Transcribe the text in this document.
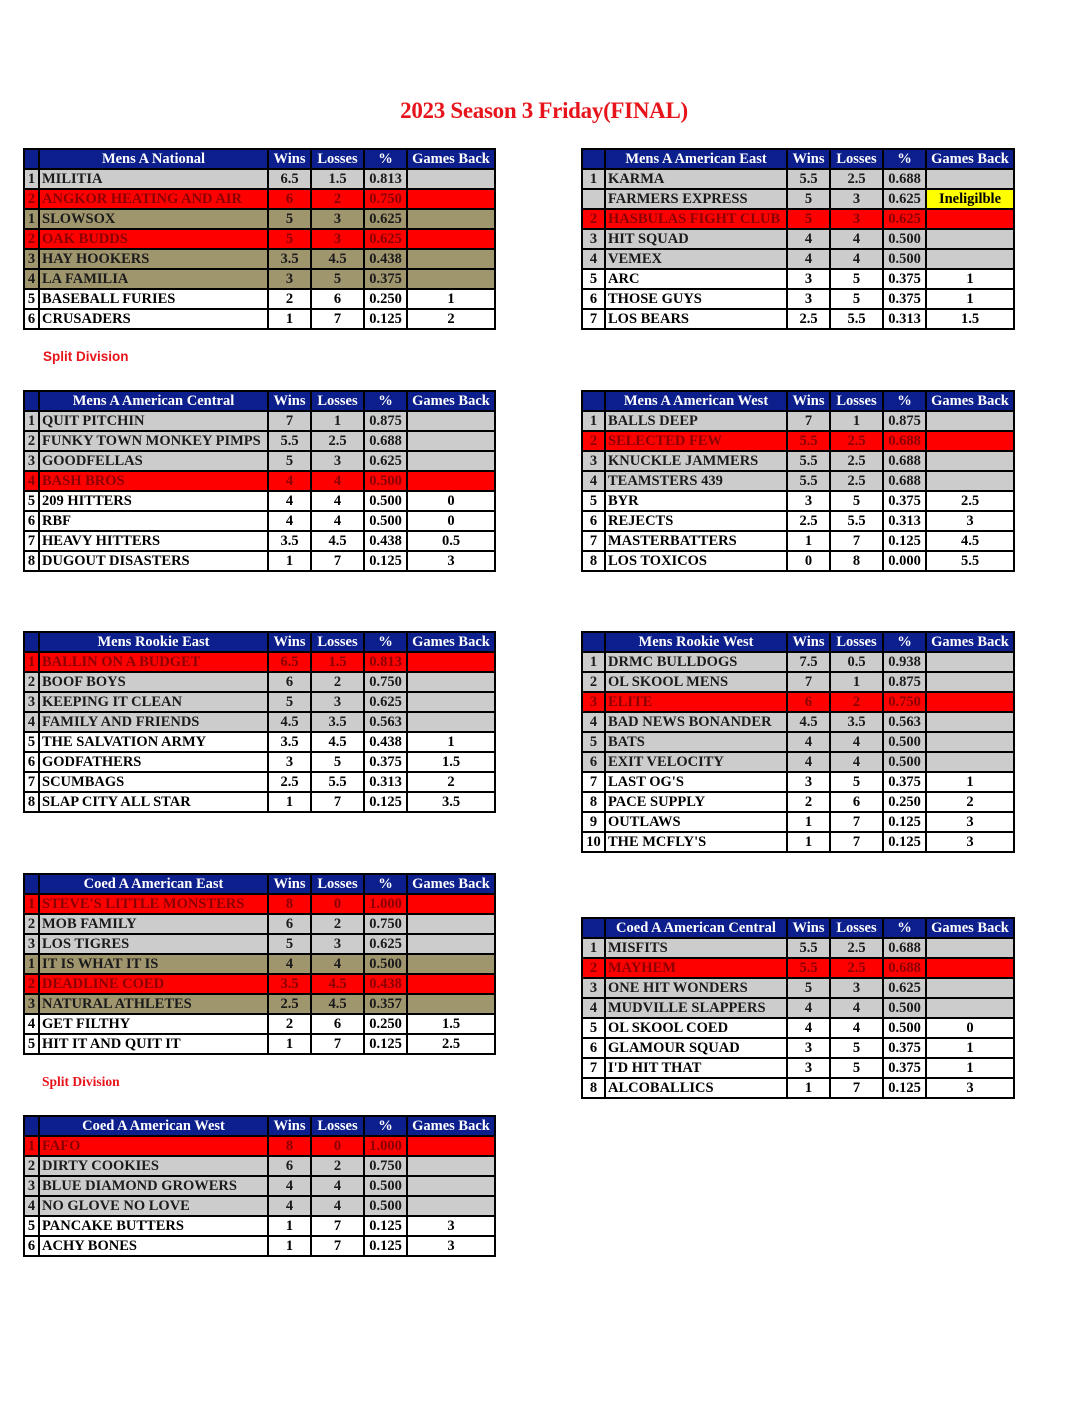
2023 Season 3 Friday(FINAL)
	Mens A National	Wins	Losses	%	Games Back
1	MILITIA	6.5	1.5	0.813	
2	ANGKOR HEATING AND AIR	6	2	0.750	
1	SLOWSOX	5	3	0.625	
2	OAK BUDDS	5	3	0.625	
3	HAY HOOKERS	3.5	4.5	0.438	
4	LA FAMILIA	3	5	0.375	
5	BASEBALL FURIES	2	6	0.250	1
6	CRUSADERS	1	7	0.125	2
Split Division
	Mens A American East	Wins	Losses	%	Games Back
1	KARMA	5.5	2.5	0.688	
	FARMERS EXPRESS	5	3	0.625	Ineligilble
2	HASBULAS FIGHT CLUB	5	3	0.625	
3	HIT SQUAD	4	4	0.500	
4	VEMEX	4	4	0.500	
5	ARC	3	5	0.375	1
6	THOSE GUYS	3	5	0.375	1
7	LOS BEARS	2.5	5.5	0.313	1.5
	Mens A American Central	Wins	Losses	%	Games Back
1	QUIT PITCHIN	7	1	0.875	
2	FUNKY TOWN MONKEY PIMPS	5.5	2.5	0.688	
3	GOODFELLAS	5	3	0.625	
4	BASH BROS	4	4	0.500	
5	209 HITTERS	4	4	0.500	0
6	RBF	4	4	0.500	0
7	HEAVY HITTERS	3.5	4.5	0.438	0.5
8	DUGOUT DISASTERS	1	7	0.125	3
	Mens A American West	Wins	Losses	%	Games Back
1	BALLS DEEP	7	1	0.875	
2	SELECTED FEW	5.5	2.5	0.688	
3	KNUCKLE JAMMERS	5.5	2.5	0.688	
4	TEAMSTERS 439	5.5	2.5	0.688	
5	BYR	3	5	0.375	2.5
6	REJECTS	2.5	5.5	0.313	3
7	MASTERBATTERS	1	7	0.125	4.5
8	LOS TOXICOS	0	8	0.000	5.5
	Mens Rookie East	Wins	Losses	%	Games Back
1	BALLIN ON A BUDGET	6.5	1.5	0.813	
2	BOOF BOYS	6	2	0.750	
3	KEEPING IT CLEAN	5	3	0.625	
4	FAMILY AND FRIENDS	4.5	3.5	0.563	
5	THE SALVATION ARMY	3.5	4.5	0.438	1
6	GODFATHERS	3	5	0.375	1.5
7	SCUMBAGS	2.5	5.5	0.313	2
8	SLAP CITY ALL STAR	1	7	0.125	3.5
	Mens Rookie West	Wins	Losses	%	Games Back
1	DRMC BULLDOGS	7.5	0.5	0.938	
2	OL SKOOL MENS	7	1	0.875	
3	ELITE	6	2	0.750	
4	BAD NEWS BONANDER	4.5	3.5	0.563	
5	BATS	4	4	0.500	
6	EXIT VELOCITY	4	4	0.500	
7	LAST OG'S	3	5	0.375	1
8	PACE SUPPLY	2	6	0.250	2
9	OUTLAWS	1	7	0.125	3
10	THE MCFLY'S	1	7	0.125	3
	Coed A American East	Wins	Losses	%	Games Back
1	STEVE'S LITTLE MONSTERS	8	0	1.000	
2	MOB FAMILY	6	2	0.750	
3	LOS TIGRES	5	3	0.625	
1	IT IS WHAT IT IS	4	4	0.500	
2	DEADLINE COED	3.5	4.5	0.438	
3	NATURAL ATHLETES	2.5	4.5	0.357	
4	GET FILTHY	2	6	0.250	1.5
5	HIT IT AND QUIT IT	1	7	0.125	2.5
Split Division
	Coed A American Central	Wins	Losses	%	Games Back
1	MISFITS	5.5	2.5	0.688	
2	MAYHEM	5.5	2.5	0.688	
3	ONE HIT WONDERS	5	3	0.625	
4	MUDVILLE SLAPPERS	4	4	0.500	
5	OL SKOOL COED	4	4	0.500	0
6	GLAMOUR SQUAD	3	5	0.375	1
7	I'D HIT THAT	3	5	0.375	1
8	ALCOBALLICS	1	7	0.125	3
	Coed A American West	Wins	Losses	%	Games Back
1	FAFO	8	0	1.000	
2	DIRTY COOKIES	6	2	0.750	
3	BLUE DIAMOND GROWERS	4	4	0.500	
4	NO GLOVE NO LOVE	4	4	0.500	
5	PANCAKE BUTTERS	1	7	0.125	3
6	ACHY BONES	1	7	0.125	3
